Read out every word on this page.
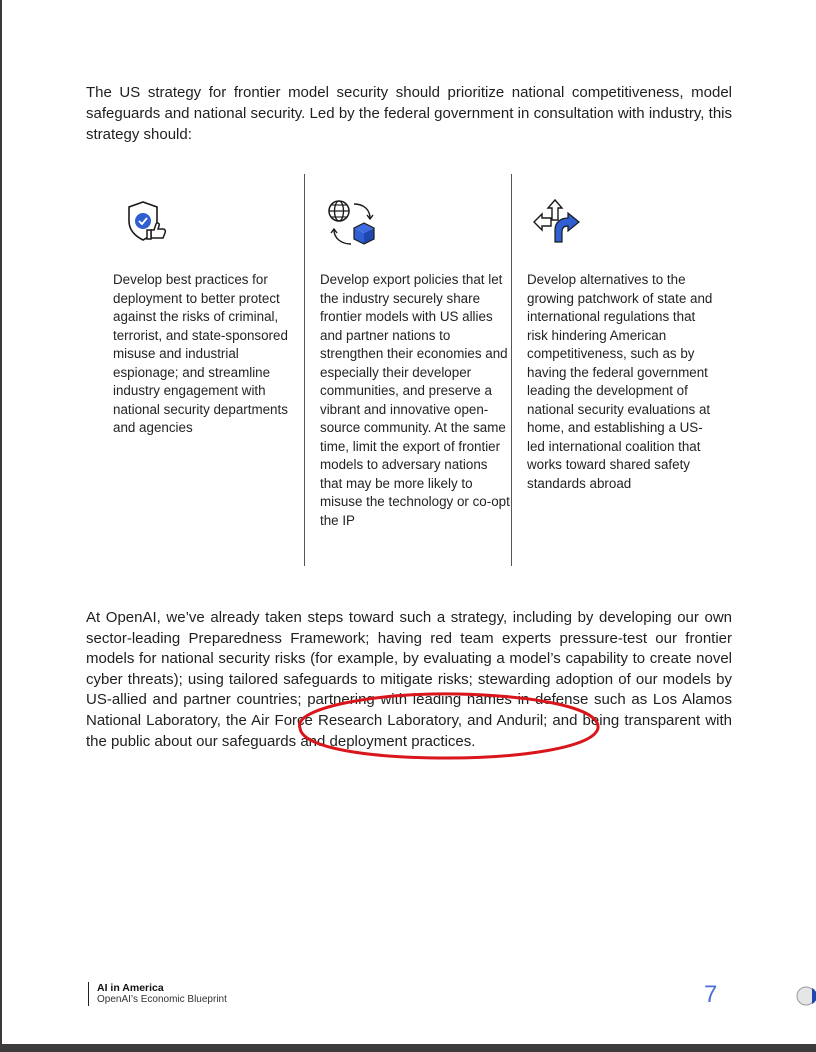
The US strategy for frontier model security should prioritize national competitiveness, model safeguards and national security. Led by the federal government in consultation with industry, this strategy should:

Develop best practices for deployment to better protect against the risks of criminal, terrorist, and state-sponsored misuse and industrial espionage; and streamline industry engagement with national security departments and agencies

Develop export policies that let the industry securely share frontier models with US allies and partner nations to strengthen their economies and especially their developer communities, and preserve a vibrant and innovative open-source community. At the same time, limit the export of frontier models to adversary nations that may be more likely to misuse the technology or co-opt the IP

Develop alternatives to the growing patchwork of state and international regulations that risk hindering American competitiveness, such as by having the federal government leading the development of national security evaluations at home, and establishing a US-led international coalition that works toward shared safety standards abroad

At OpenAI, we’ve already taken steps toward such a strategy, including by developing our own sector-leading Preparedness Framework; having red team experts pressure-test our frontier models for national security risks (for example, by evaluating a model’s capability to create novel cyber threats); using tailored safeguards to mitigate risks; stewarding adoption of our models by US-allied and partner countries; partnering with leading names in defense such as Los Alamos National Laboratory, the Air Force Research Laboratory, and Anduril; and being transparent with the public about our safeguards and deployment practices.

AI in America
OpenAI’s Economic Blueprint	7
